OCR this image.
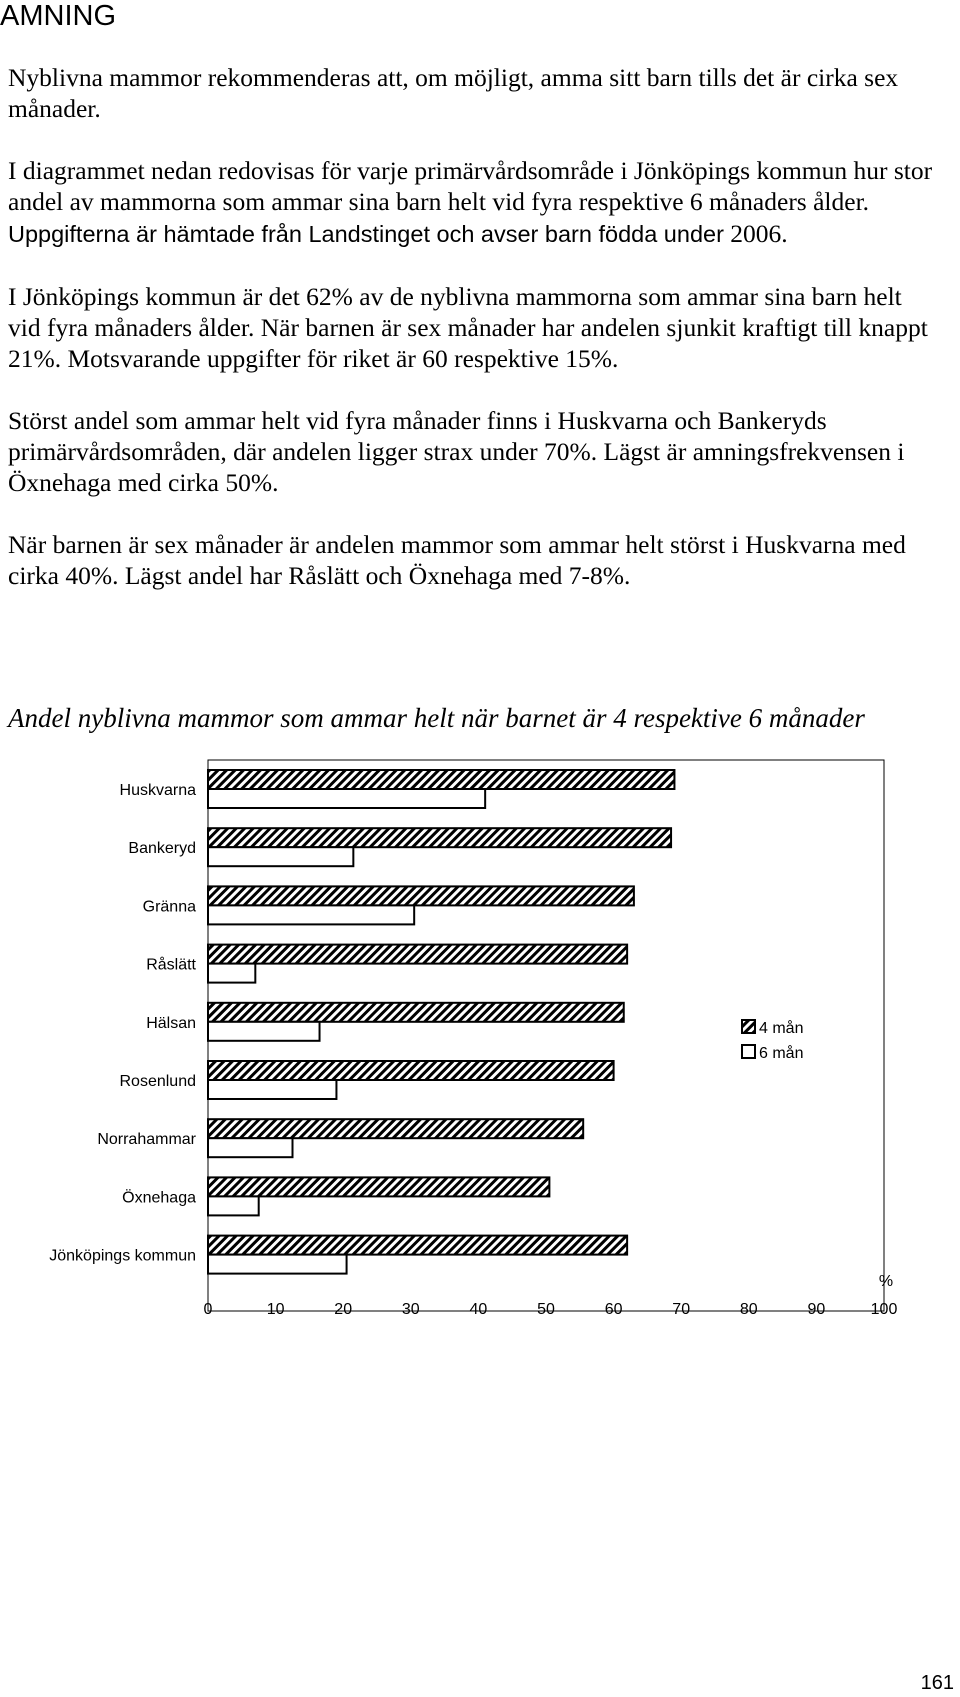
AMNING

Nyblivna mammor rekommenderas att, om möjligt, amma sitt barn tills det är cirka sex månader.

I diagrammet nedan redovisas för varje primärvårdsområde i Jönköpings kommun hur stor andel av mammorna som ammar sina barn helt vid fyra respektive 6 månaders ålder. Uppgifterna är hämtade från Landstinget och avser barn födda under 2006.

I Jönköpings kommun är det 62% av de nyblivna mammorna som ammar sina barn helt vid fyra månaders ålder. När barnen är sex månader har andelen sjunkit kraftigt till knappt 21%. Motsvarande uppgifter för riket är 60 respektive 15%.

Störst andel som ammar helt vid fyra månader finns i Huskvarna och Bankeryds primärvårdsområden, där andelen ligger strax under 70%. Lägst är amningsfrekvensen i Öxnehaga med cirka 50%.

När barnen är sex månader är andelen mammor som ammar helt störst i Huskvarna med cirka 40%. Lägst andel har Råslätt och Öxnehaga med 7-8%.

Andel nyblivna mammor som ammar helt när barnet är 4 respektive 6 månader
Huskvarna
Bankeryd
Gränna
Råslätt
Hälsan
Rosenlund
Norrahammar
Öxnehaga
Jönköpings kommun
0	10	20	30	40	50	60	70	80	90	100
%
4 mån
6 mån
161
